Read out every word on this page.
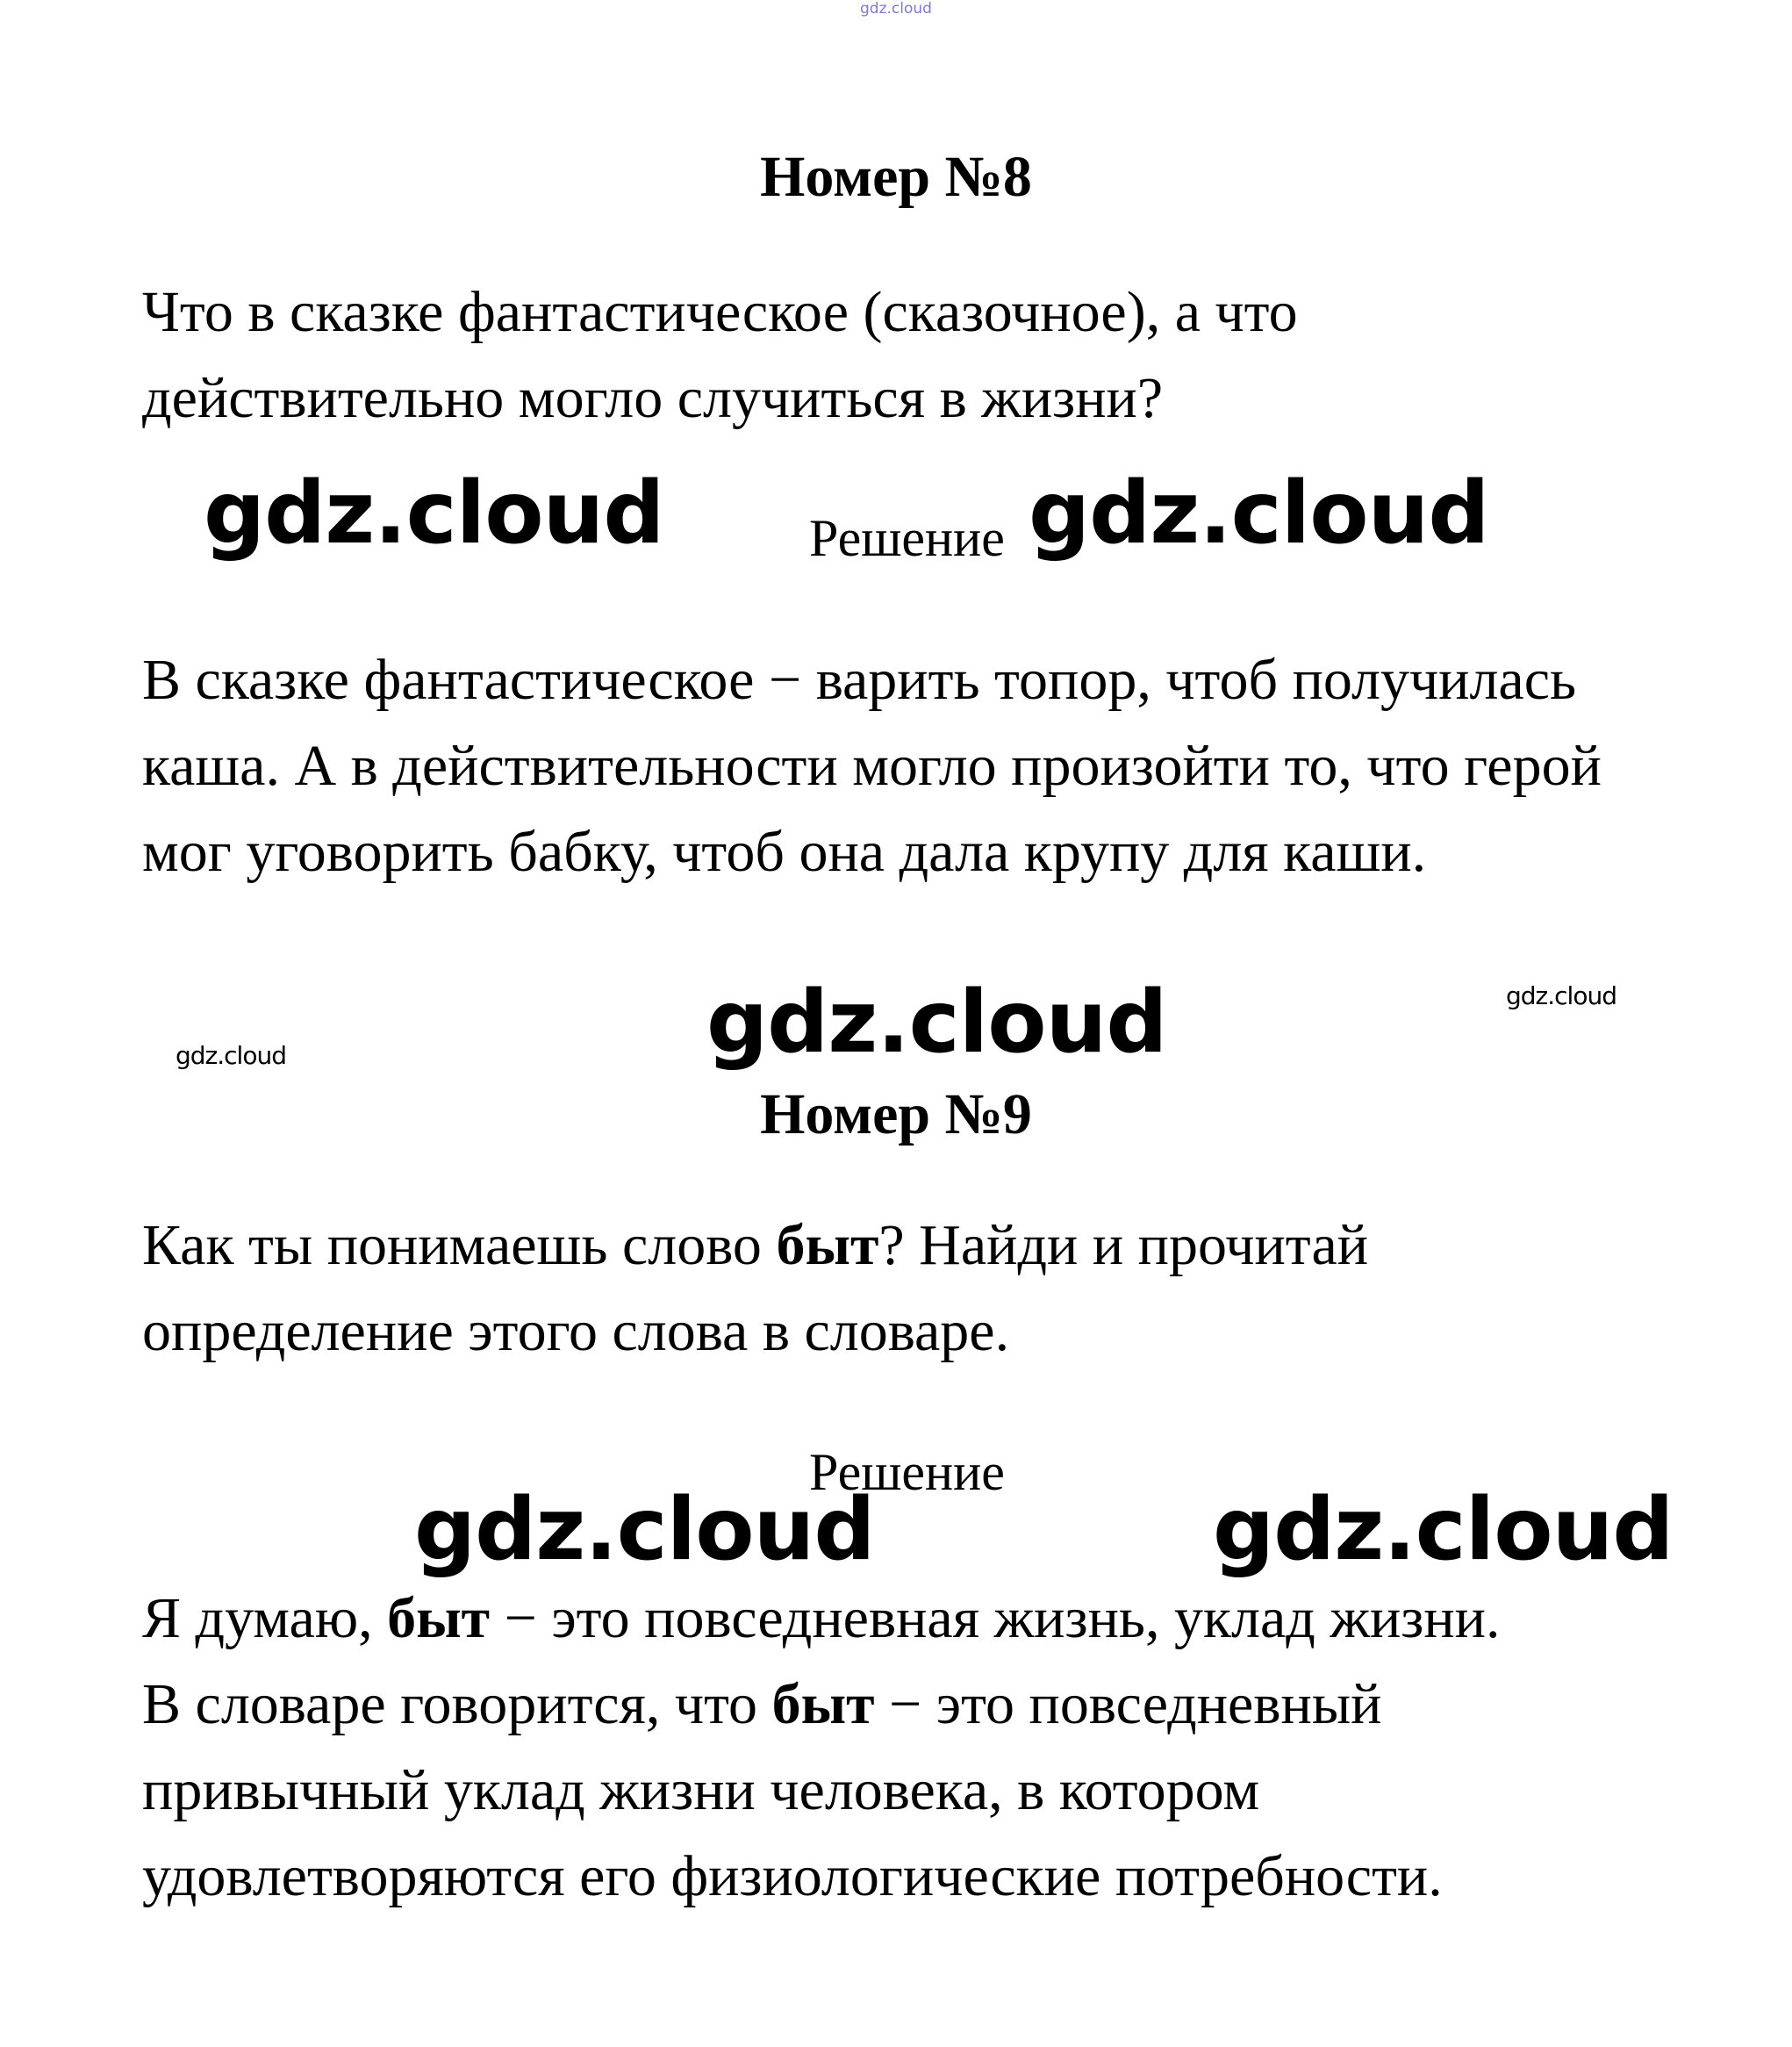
gdz.cloud
Номер №8
Что в сказке фантастическое (сказочное), а что
действительно могло случиться в жизни?
gdz.cloud	Решение gdz.cloud
В сказке фантастическое − варить топор, чтоб получилась
каша. А в действительности могло произойти то, что герой
мог уговорить бабку, чтоб она дала крупу для каши.
gdz.cloud	gdz.cloud
gdz.cloud
Номер №9
Как ты понимаешь слово быт? Найди и прочитай
определение этого слова в словаре.
Решение
gdz.cloud	gdz.cloud
Я думаю, быт − это повседневная жизнь, уклад жизни.
В словаре говорится, что быт − это повседневный
привычный уклад жизни человека, в котором
удовлетворяются его физиологические потребности.
